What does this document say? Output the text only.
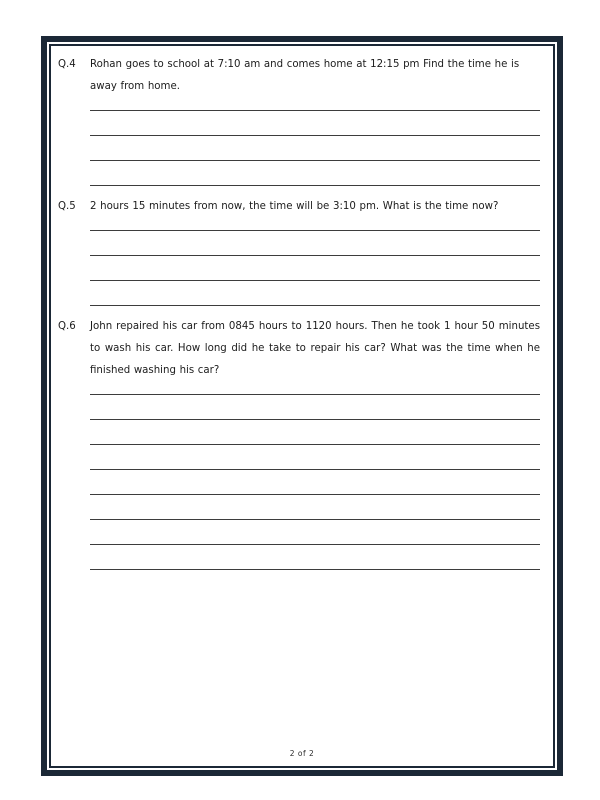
Q.4	Rohan goes to school at 7:10 am and comes home at 12:15 pm Find the time he is away from home.

Q.5	2 hours 15 minutes from now, the time will be 3:10 pm. What is the time now?

Q.6	John repaired his car from 0845 hours to 1120 hours. Then he took 1 hour 50 minutes to wash his car. How long did he take to repair his car? What was the time when he finished washing his car?

2 of 2
